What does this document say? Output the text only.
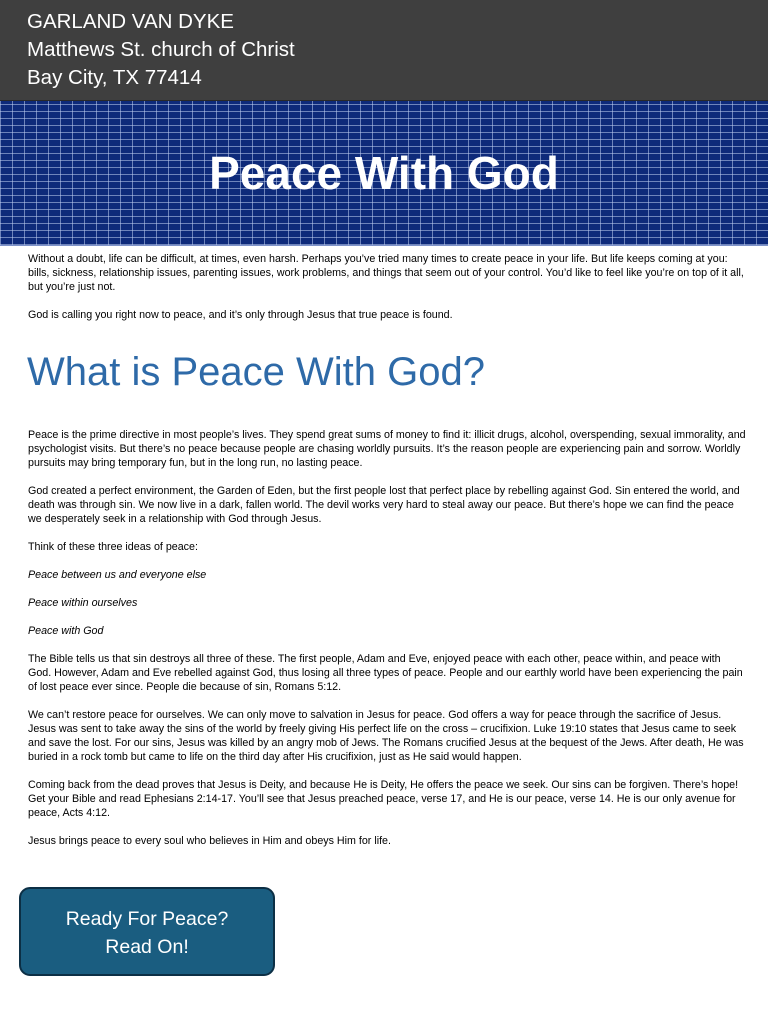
GARLAND VAN DYKE
Matthews St. church of Christ
Bay City, TX 77414
Peace With God

Without a doubt, life can be difficult, at times, even harsh. Perhaps you’ve tried many times to create peace in your life. But life keeps coming at you: bills, sickness, relationship issues, parenting issues, work problems, and things that seem out of your control. You’d like to feel like you’re on top of it all, but you’re just not.

God is calling you right now to peace, and it’s only through Jesus that true peace is found.

What is Peace With God?

Peace is the prime directive in most people’s lives. They spend great sums of money to find it: illicit drugs, alcohol, overspending, sexual immorality, and psychologist visits. But there’s no peace because people are chasing worldly pursuits. It’s the reason people are experiencing pain and sorrow. Worldly pursuits may bring temporary fun, but in the long run, no lasting peace.

God created a perfect environment, the Garden of Eden, but the first people lost that perfect place by rebelling against God. Sin entered the world, and death was through sin. We now live in a dark, fallen world. The devil works very hard to steal away our peace. But there’s hope we can find the peace we desperately seek in a relationship with God through Jesus.

Think of these three ideas of peace:

Peace between us and everyone else

Peace within ourselves

Peace with God

The Bible tells us that sin destroys all three of these. The first people, Adam and Eve, enjoyed peace with each other, peace within, and peace with God. However, Adam and Eve rebelled against God, thus losing all three types of peace. People and our earthly world have been experiencing the pain of lost peace ever since. People die because of sin, Romans 5:12.

We can’t restore peace for ourselves. We can only move to salvation in Jesus for peace. God offers a way for peace through the sacrifice of Jesus. Jesus was sent to take away the sins of the world by freely giving His perfect life on the cross – crucifixion. Luke 19:10 states that Jesus came to seek and save the lost. For our sins, Jesus was killed by an angry mob of Jews. The Romans crucified Jesus at the bequest of the Jews. After death, He was buried in a rock tomb but came to life on the third day after His crucifixion, just as He said would happen.

Coming back from the dead proves that Jesus is Deity, and because He is Deity, He offers the peace we seek. Our sins can be forgiven. There’s hope! Get your Bible and read Ephesians 2:14-17. You’ll see that Jesus preached peace, verse 17, and He is our peace, verse 14. He is our only avenue for peace, Acts 4:12.

Jesus brings peace to every soul who believes in Him and obeys Him for life.

Ready For Peace?
Read On!
